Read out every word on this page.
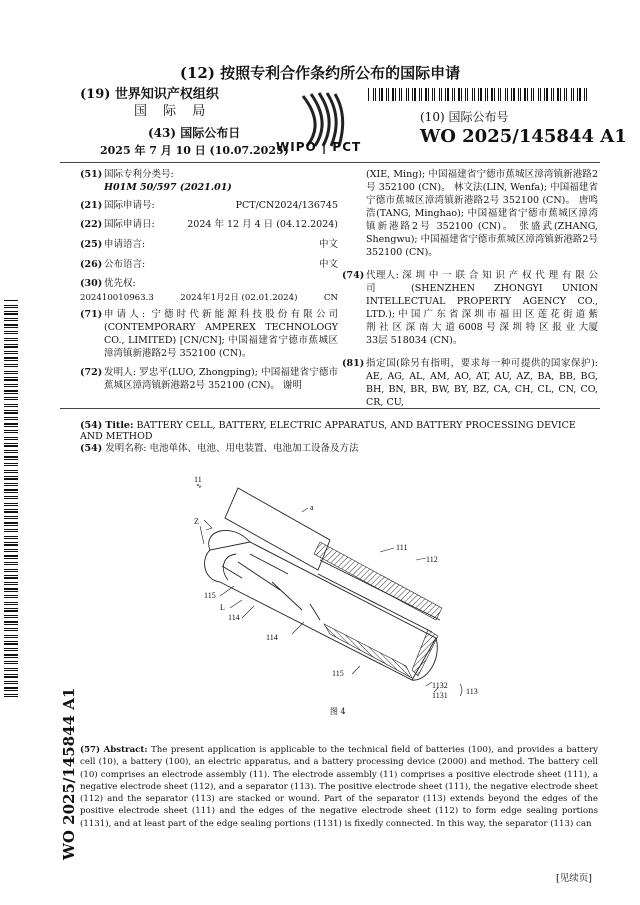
(12) 按照专利合作条约所公布的国际申请
(19) 世界知识产权组织
国 际 局
(43) 国际公布日
2025 年 7 月 10 日 (10.07.2025)
WIPO | PCT
(10) 国际公布号
WO 2025/145844 A1
(51) 国际专利分类号:
H01M 50/597 (2021.01)
(21) 国际申请号:	PCT/CN2024/136745
(22) 国际申请日:	2024 年 12 月 4 日 (04.12.2024)
(25) 申请语言:	中文
(26) 公布语言:	中文
(30) 优先权:
202410010963.3	2024年1月2日 (02.01.2024)	CN
(71) 申请人: 宁德时代新能源科技股份有限公司 (CONTEMPORARY AMPEREX TECHNOLOGY CO., LIMITED) [CN/CN]; 中国福建省宁德市蕉城区漳湾镇新港路2号 352100 (CN)。
(72) 发明人: 罗忠平(LUO, Zhongping); 中国福建省宁德市蕉城区漳湾镇新港路2号 352100 (CN)。 谢明
(XIE, Ming); 中国福建省宁德市蕉城区漳湾镇新港路2号 352100 (CN)。 林文法(LIN, Wenfa); 中国福建省宁德市蕉城区漳湾镇新港路2号 352100 (CN)。 唐鸣浩(TANG, Minghao); 中国福建省宁德市蕉城区漳湾镇新港路2号 352100 (CN)。 张盛武(ZHANG, Shengwu); 中国福建省宁德市蕉城区漳湾镇新港路2号 352100 (CN)。
(74) 代理人: 深 圳 中 一 联 合 知 识 产 权 代 理 有 限 公 司 (SHENZHEN ZHONGYI UNION INTELLECTUAL PROPERTY AGENCY CO., LTD.); 中 国 广 东 省 深 圳 市 福 田 区 莲 花 街 道 紫 荆 社 区 深 南 大 道 6008 号 深 圳 特 区 报 业 大厦33层 518034 (CN)。
(81) 指定国(除另有指明，要求每一种可提供的国家保护): AE, AG, AL, AM, AO, AT, AU, AZ, BA, BB, BG, BH, BN, BR, BW, BY, BZ, CA, CH, CL, CN, CO, CR, CU,
(54) Title: BATTERY CELL, BATTERY, ELECTRIC APPARATUS, AND BATTERY PROCESSING DEVICE AND METHOD
(54) 发明名称: 电池单体、电池、用电装置、电池加工设备及方法
WO 2025/145844 A1
11
∿
a
Z
111
112
115
L
114
114
115
1132
1131 113
图 4
(57) Abstract: The present application is applicable to the technical field of batteries (100), and provides a battery cell (10), a battery (100), an electric apparatus, and a battery processing device (2000) and method. The battery cell (10) comprises an electrode assembly (11). The electrode assembly (11) comprises a positive electrode sheet (111), a negative electrode sheet (112), and a separator (113). The positive electrode sheet (111), the negative electrode sheet (112) and the separator (113) are stacked or wound. Part of the separator (113) extends beyond the edges of the positive electrode sheet (111) and the edges of the negative electrode sheet (112) to form edge sealing portions (1131), and at least part of the edge sealing portions (1131) is fixedly connected. In this way, the separator (113) can
[见续页]
